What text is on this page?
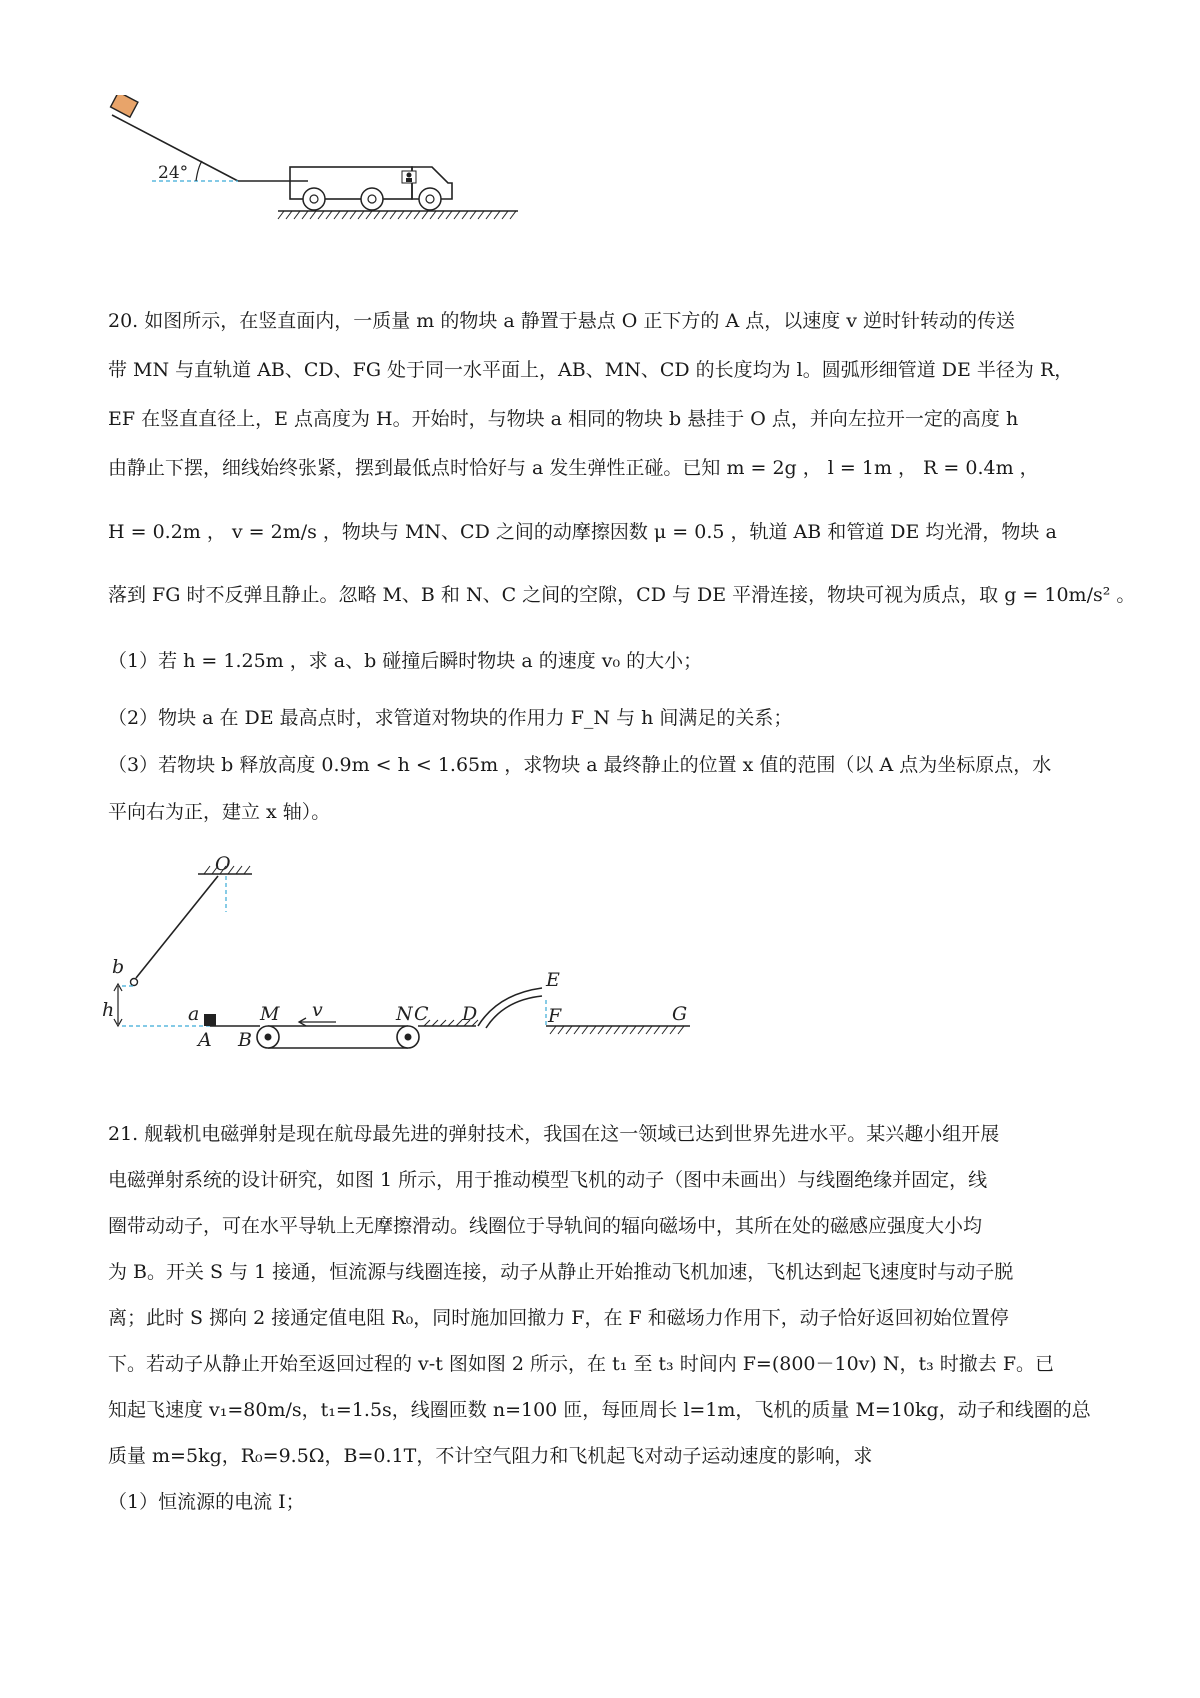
24°
20. 如图所示，在竖直面内，一质量 m 的物块 a 静置于悬点 O 正下方的 A 点，以速度 v 逆时针转动的传送
带 MN 与直轨道 AB、CD、FG 处于同一水平面上，AB、MN、CD 的长度均为 l。圆弧形细管道 DE 半径为 R，
EF 在竖直直径上，E 点高度为 H。开始时，与物块 a 相同的物块 b 悬挂于 O 点，并向左拉开一定的高度 h
由静止下摆，细线始终张紧，摆到最低点时恰好与 a 发生弹性正碰。已知 m = 2g ， l = 1m ， R = 0.4m ，
H = 0.2m ， v = 2m/s ，物块与 MN、CD 之间的动摩擦因数 μ = 0.5 ，轨道 AB 和管道 DE 均光滑，物块 a
落到 FG 时不反弹且静止。忽略 M、B 和 N、C 之间的空隙，CD 与 DE 平滑连接，物块可视为质点，取 g = 10m/s² 。
（1）若 h = 1.25m ，求 a、b 碰撞后瞬时物块 a 的速度 v₀ 的大小；
（2）物块 a 在 DE 最高点时，求管道对物块的作用力 F_N 与 h 间满足的关系；
（3）若物块 b 释放高度 0.9m < h < 1.65m ，求物块 a 最终静止的位置 x 值的范围（以 A 点为坐标原点，水
平向右为正，建立 x 轴）。
O
b
h	a
A B
M v	N C D
E
F	G
21. 舰载机电磁弹射是现在航母最先进的弹射技术，我国在这一领域已达到世界先进水平。某兴趣小组开展
电磁弹射系统的设计研究，如图 1 所示，用于推动模型飞机的动子（图中未画出）与线圈绝缘并固定，线
圈带动动子，可在水平导轨上无摩擦滑动。线圈位于导轨间的辐向磁场中，其所在处的磁感应强度大小均
为 B。开关 S 与 1 接通，恒流源与线圈连接，动子从静止开始推动飞机加速，飞机达到起飞速度时与动子脱
离；此时 S 掷向 2 接通定值电阻 R₀，同时施加回撤力 F，在 F 和磁场力作用下，动子恰好返回初始位置停
下。若动子从静止开始至返回过程的 v-t 图如图 2 所示，在 t₁ 至 t₃ 时间内 F=(800－10v) N，t₃ 时撤去 F。已
知起飞速度 v₁=80m/s，t₁=1.5s，线圈匝数 n=100 匝，每匝周长 l=1m，飞机的质量 M=10kg，动子和线圈的总
质量 m=5kg，R₀=9.5Ω，B=0.1T，不计空气阻力和飞机起飞对动子运动速度的影响，求
（1）恒流源的电流 I；
